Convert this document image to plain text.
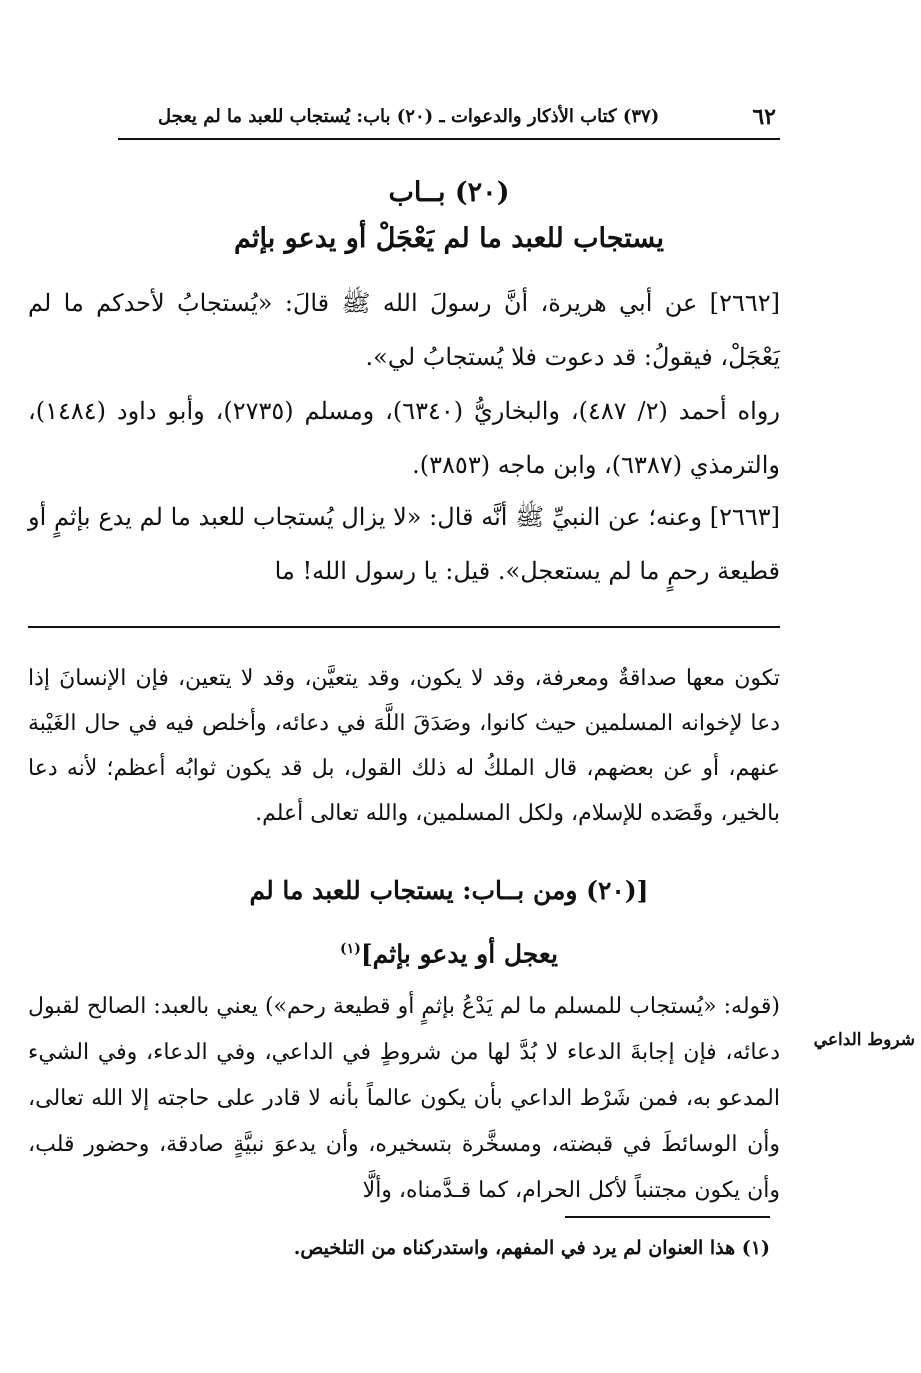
٦٢
(٣٧) كتاب الأذكار والدعوات ـ (٢٠) باب: يُستجاب للعبد ما لم يعجل
(٢٠) بــاب
يستجاب للعبد ما لم يَعْجَلْ أو يدعو بإثم
[٢٦٦٢] عن أبي هريرة، أنَّ رسولَ الله ﷺ قالَ: «يُستجابُ لأحدكم ما لم يَعْجَلْ، فيقولُ: قد دعوت فلا يُستجابُ لي».
رواه أحمد (٢/ ٤٨٧)، والبخاريُّ (٦٣٤٠)، ومسلم (٢٧٣٥)، وأبو داود (١٤٨٤)، والترمذي (٦٣٨٧)، وابن ماجه (٣٨٥٣).
[٢٦٦٣] وعنه؛ عن النبيِّ ﷺ أنَّه قال: «لا يزال يُستجاب للعبد ما لم يدع بإثمٍ أو قطيعة رحمٍ ما لم يستعجل». قيل: يا رسول الله! ما
تكون معها صداقةٌ ومعرفة، وقد لا يكون، وقد يتعيَّن، وقد لا يتعين، فإن الإنسانَ إذا دعا لإخوانه المسلمين حيث كانوا، وصَدَقَ اللَّهَ في دعائه، وأخلص فيه في حال الغَيْبة عنهم، أو عن بعضهم، قال الملكُ له ذلك القول، بل قد يكون ثوابُه أعظم؛ لأنه دعا بالخير، وقَصَده للإسلام، ولكل المسلمين، والله تعالى أعلم.
[(٢٠) ومن بــاب: يستجاب للعبد ما لم
يعجل أو يدعو بإثم]$^{(١)}$
(قوله: «يُستجاب للمسلم ما لم يَدْعُ بإثمٍ أو قطيعة رحم») يعني بالعبد: الصالح لقبول دعائه، فإن إجابةَ الدعاء لا بُدَّ لها من شروطٍ في الداعي، وفي الدعاء، وفي الشيء المدعو به، فمن شَرْط الداعي بأن يكون عالماً بأنه لا قادر على حاجته إلا الله تعالى، وأن الوسائطَ في قبضته، ومسخَّرة بتسخيره، وأن يدعوَ نبيَّةٍ صادقة، وحضور قلب، وأن يكون مجتنباً لأكل الحرام، كما قـدَّمناه، وألَّا
شروط الداعي
(١) هذا العنوان لم يرد في المفهم، واستدركناه من التلخيص.
